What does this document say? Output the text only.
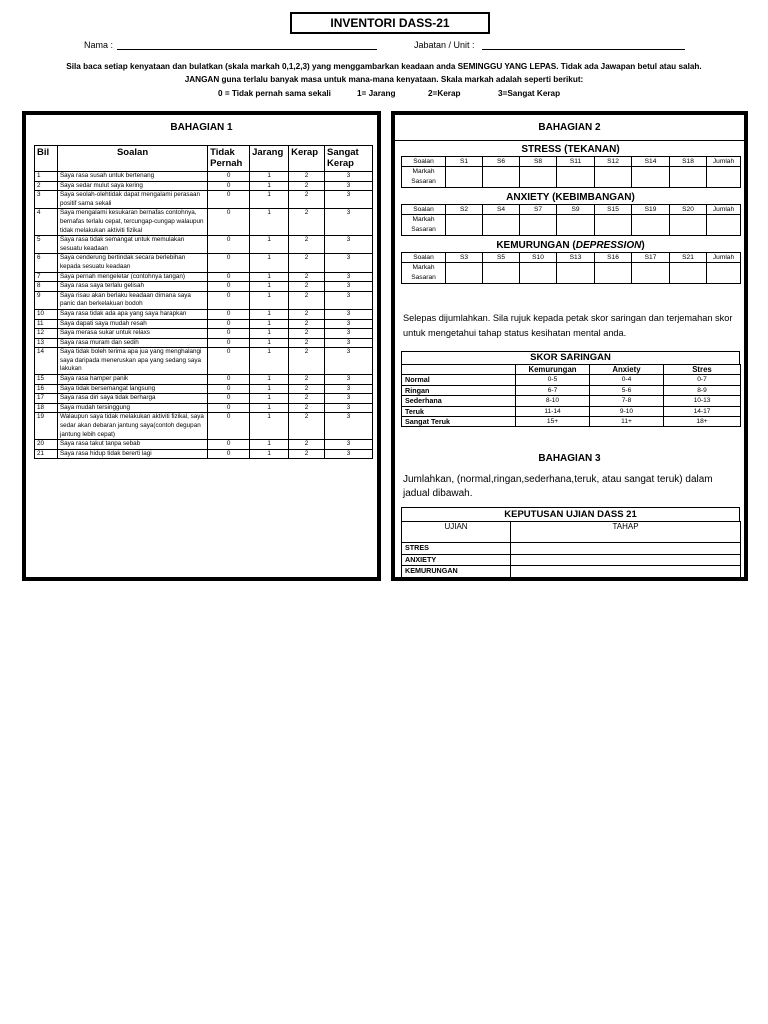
INVENTORI DASS-21
Nama :	Jabatan / Unit :
Sila baca setiap kenyataan dan bulatkan (skala markah 0,1,2,3) yang menggambarkan keadaan anda SEMINGGU YANG LEPAS. Tidak ada Jawapan betul atau salah.
JANGAN guna terlalu banyak masa untuk mana-mana kenyataan. Skala markah adalah seperti berikut:
0 = Tidak pernah sama sekali	1= Jarang	2=Kerap	3=Sangat Kerap
BAHAGIAN 1
Bil	Soalan	Tidak Pernah	Jarang	Kerap	Sangat Kerap
1	Saya rasa susah untuk bertenang	0	1	2	3
2	Saya sedar mulut saya kering	0	1	2	3
3	Saya seolah-olehtidak dapat mengalami perasaan positif sama sekali	0	1	2	3
4	Saya mengalami kesukaran bernafas contohnya, bernafas terlalu cepat, tercungap-cungap walaupun tidak melakukan aktiviti fizikal	0	1	2	3
5	Saya rasa tidak semangat untuk memulakan sesuatu keadaan	0	1	2	3
6	Saya cenderung bertindak secara berlebihan kepada sesuatu keadaan	0	1	2	3
7	Saya pernah mengeletar (contohnya tangan)	0	1	2	3
8	Saya rasa saya terlalu gelisah	0	1	2	3
9	Saya risau akan berlaku keadaan dimana saya panic dan berkelakuan bodoh	0	1	2	3
10	Saya rasa tidak ada apa yang saya harapkan	0	1	2	3
11	Saya dapati saya mudah resah	0	1	2	3
12	Saya merasa sukar untuk relaxs	0	1	2	3
13	Saya rasa muram dan sedih	0	1	2	3
14	Saya tidak boleh terima apa jua yang menghalangi saya daripada meneruskan apa yang sedang saya lakukan	0	1	2	3
15	Saya rasa hamper panik	0	1	2	3
16	Saya tidak bersemangat langsung	0	1	2	3
17	Saya rasa diri saya tidak berharga	0	1	2	3
18	Saya mudah tersinggung	0	1	2	3
19	Walaupun saya tidak melakukan aktiviti fizikal, saya sedar akan debaran jantung saya(contoh degupan jantung lebih cepat)	0	1	2	3
20	Saya rasa takut tanpa sebab	0	1	2	3
21	Saya rasa hidup tidak bererti lagi	0	1	2	3
BAHAGIAN 2
STRESS (TEKANAN)
Soalan	S1	S6	S8	S11	S12	S14	S18	Jumlah
Markah Sasaran								
ANXIETY (KEBIMBANGAN)
Soalan	S2	S4	S7	S9	S15	S19	S20	Jumlah
Markah Sasaran								
KEMURUNGAN (DEPRESSION)
Soalan	S3	S5	S10	S13	S16	S17	S21	Jumlah
Markah Sasaran								
Selepas dijumlahkan. Sila rujuk kepada petak skor saringan dan terjemahan skor untuk mengetahui tahap status kesihatan mental anda.
SKOR SARINGAN
	Kemurungan	Anxiety	Stres
Normal	0-5	0-4	0-7
Ringan	6-7	5-6	8-9
Sederhana	8-10	7-8	10-13
Teruk	11-14	9-10	14-17
Sangat Teruk	15+	11+	18+
BAHAGIAN 3
Jumlahkan, (normal,ringan,sederhana,teruk, atau sangat teruk) dalam jadual dibawah.
KEPUTUSAN UJIAN DASS 21
UJIAN	TAHAP
STRES	
ANXIETY	
KEMURUNGAN	
